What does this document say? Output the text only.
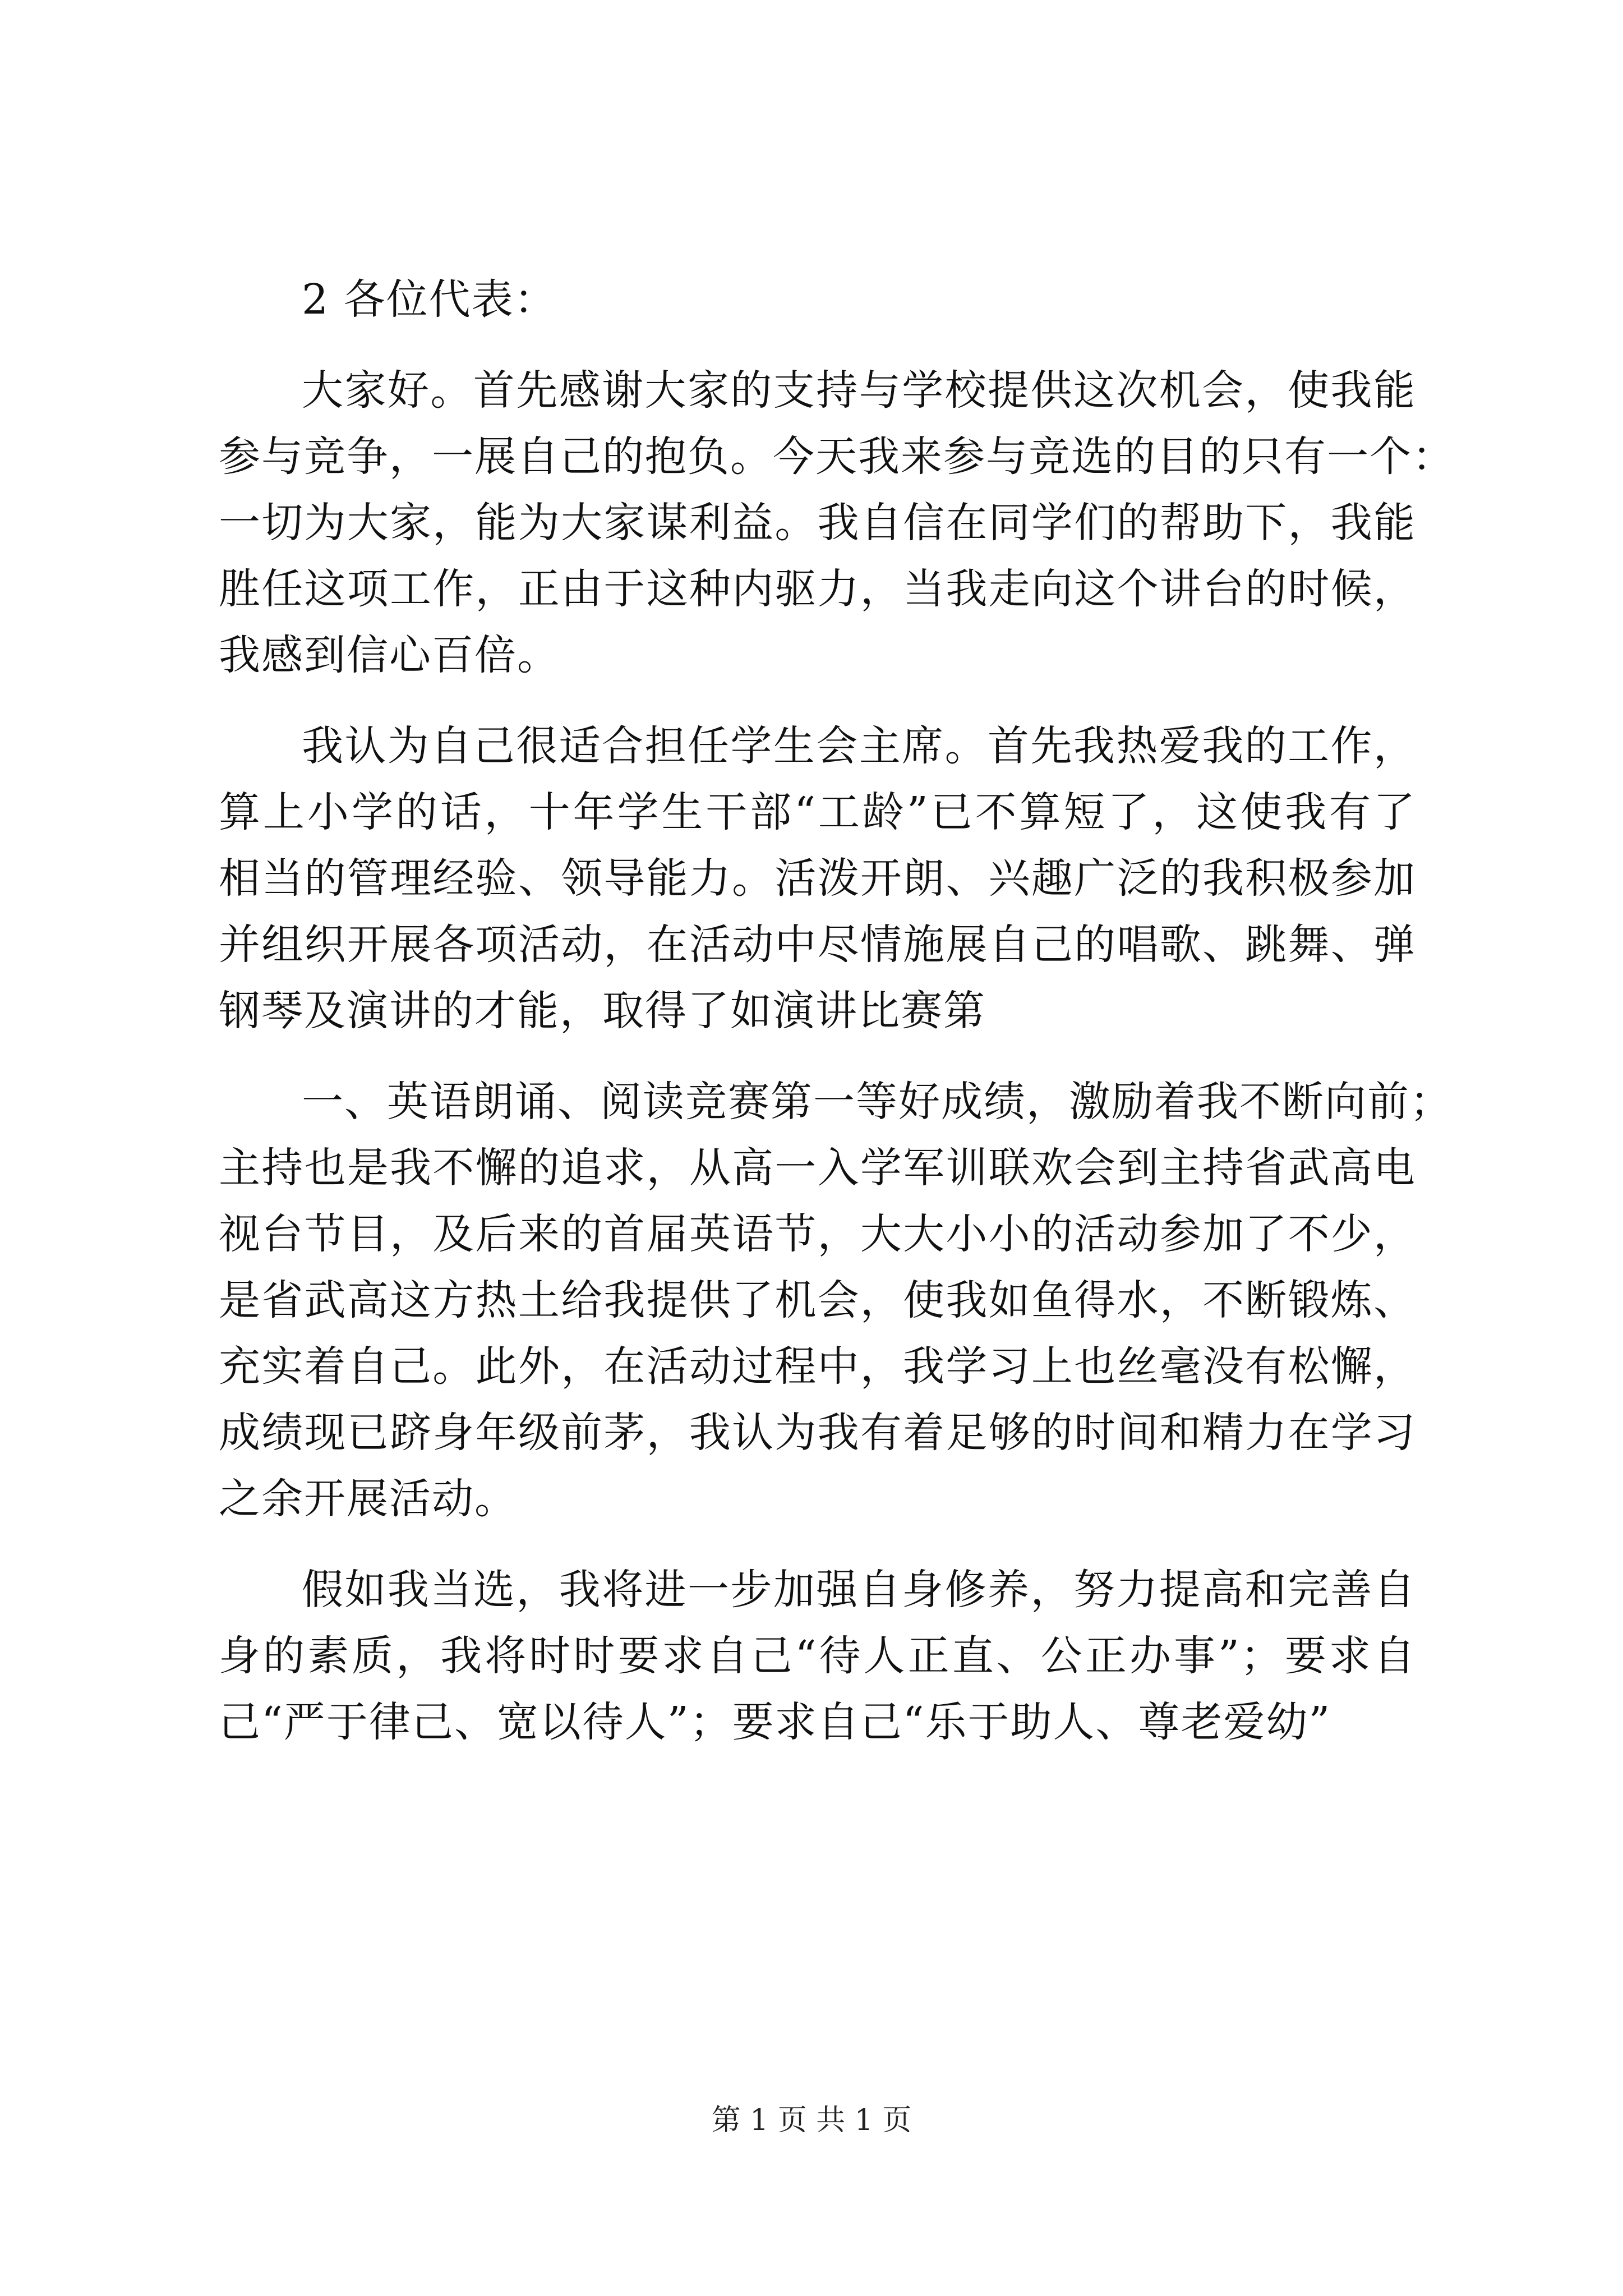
2 各位代表：
大家好。首先感谢大家的支持与学校提供这次机会，使我能
参与竞争，一展自己的抱负。今天我来参与竞选的目的只有一个：
一切为大家，能为大家谋利益。我自信在同学们的帮助下，我能
胜任这项工作，正由于这种内驱力，当我走向这个讲台的时候，
我感到信心百倍。
我认为自己很适合担任学生会主席。首先我热爱我的工作，
算上小学的话，十年学生干部“工龄”已不算短了，这使我有了
相当的管理经验、领导能力。活泼开朗、兴趣广泛的我积极参加
并组织开展各项活动，在活动中尽情施展自己的唱歌、跳舞、弹
钢琴及演讲的才能，取得了如演讲比赛第
一、英语朗诵、阅读竞赛第一等好成绩，激励着我不断向前；
主持也是我不懈的追求，从高一入学军训联欢会到主持省武高电
视台节目，及后来的首届英语节，大大小小的活动参加了不少，
是省武高这方热土给我提供了机会，使我如鱼得水，不断锻炼、
充实着自己。此外，在活动过程中，我学习上也丝毫没有松懈，
成绩现已跻身年级前茅，我认为我有着足够的时间和精力在学习
之余开展活动。
假如我当选，我将进一步加强自身修养，努力提高和完善自
身的素质，我将时时要求自己“待人正直、公正办事”；要求自
己“严于律己、宽以待人”；要求自己“乐于助人、尊老爱幼”
第 1 页 共 1 页
